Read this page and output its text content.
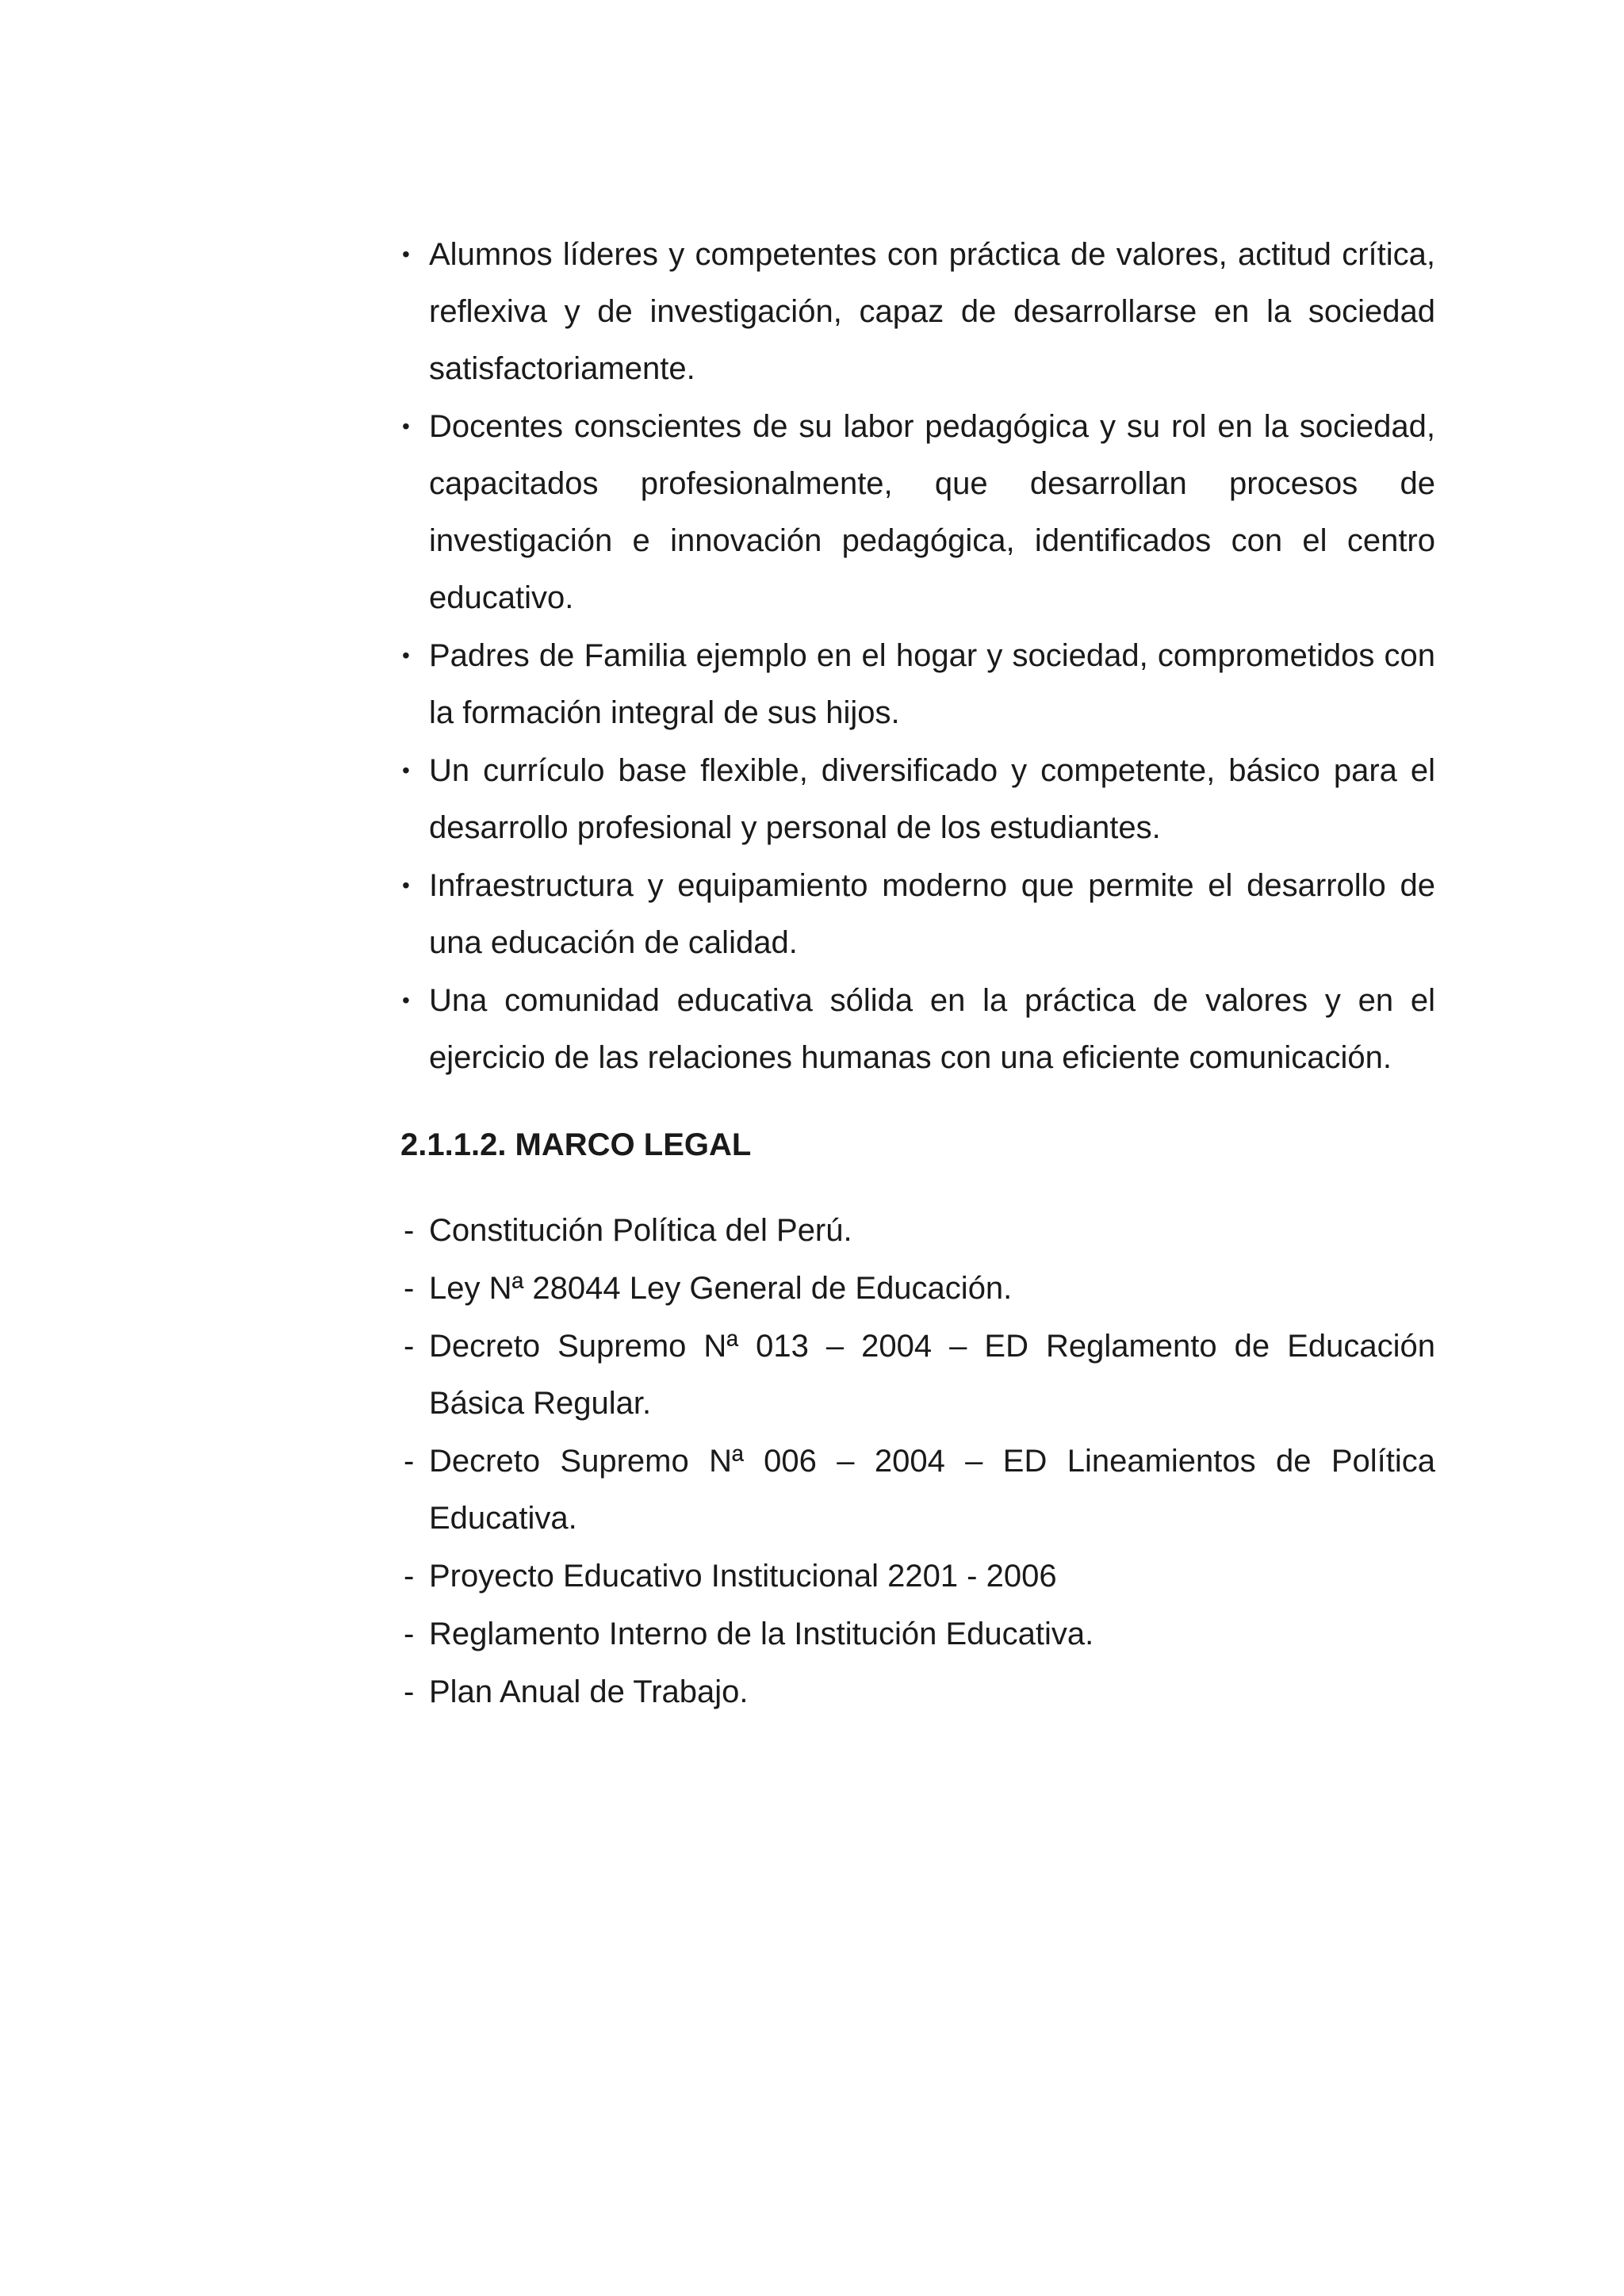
• Alumnos líderes y competentes con práctica de valores, actitud crítica, reflexiva y de investigación, capaz de desarrollarse en la sociedad satisfactoriamente.
• Docentes conscientes de su labor pedagógica y su rol en la sociedad, capacitados profesionalmente, que desarrollan procesos de investigación e innovación pedagógica, identificados con el centro educativo.
• Padres de Familia ejemplo en el hogar y sociedad, comprometidos con la formación integral de sus hijos.
• Un currículo base flexible, diversificado y competente, básico para el desarrollo profesional y personal de los estudiantes.
• Infraestructura y equipamiento moderno que permite el desarrollo de una educación de calidad.
• Una comunidad educativa sólida en la práctica de valores y en el ejercicio de las relaciones humanas con una eficiente comunicación.
2.1.1.2. MARCO LEGAL
- Constitución Política del Perú.
- Ley Nª 28044 Ley General de Educación.
- Decreto Supremo Nª 013 – 2004 – ED Reglamento de Educación Básica Regular.
- Decreto Supremo Nª 006 – 2004 – ED Lineamientos de Política Educativa.
- Proyecto Educativo Institucional 2201 - 2006
- Reglamento Interno de la Institución Educativa.
- Plan Anual de Trabajo.
